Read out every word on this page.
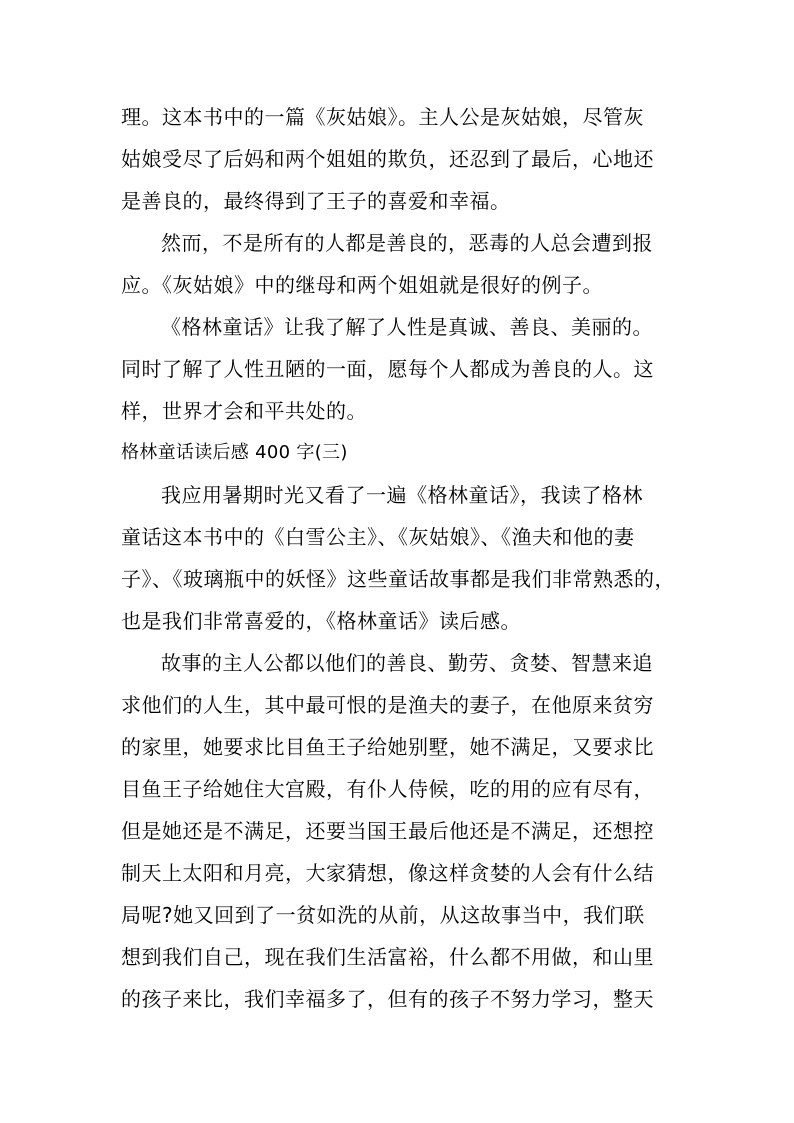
理。这本书中的一篇《灰姑娘》。主人公是灰姑娘，尽管灰
姑娘受尽了后妈和两个姐姐的欺负，还忍到了最后，心地还
是善良的，最终得到了王子的喜爱和幸福。
然而，不是所有的人都是善良的，恶毒的人总会遭到报
应。《灰姑娘》中的继母和两个姐姐就是很好的例子。
《格林童话》让我了解了人性是真诚、善良、美丽的。
同时了解了人性丑陋的一面，愿每个人都成为善良的人。这
样，世界才会和平共处的。
格林童话读后感 400 字(三)
我应用暑期时光又看了一遍《格林童话》，我读了格林
童话这本书中的《白雪公主》、《灰姑娘》、《渔夫和他的妻
子》、《玻璃瓶中的妖怪》这些童话故事都是我们非常熟悉的，
也是我们非常喜爱的，《格林童话》读后感。
故事的主人公都以他们的善良、勤劳、贪婪、智慧来追
求他们的人生，其中最可恨的是渔夫的妻子，在他原来贫穷
的家里，她要求比目鱼王子给她别墅，她不满足，又要求比
目鱼王子给她住大宫殿，有仆人侍候，吃的用的应有尽有，
但是她还是不满足，还要当国王最后他还是不满足，还想控
制天上太阳和月亮，大家猜想，像这样贪婪的人会有什么结
局呢?她又回到了一贫如洗的从前，从这故事当中，我们联
想到我们自己，现在我们生活富裕，什么都不用做，和山里
的孩子来比，我们幸福多了，但有的孩子不努力学习，整天
